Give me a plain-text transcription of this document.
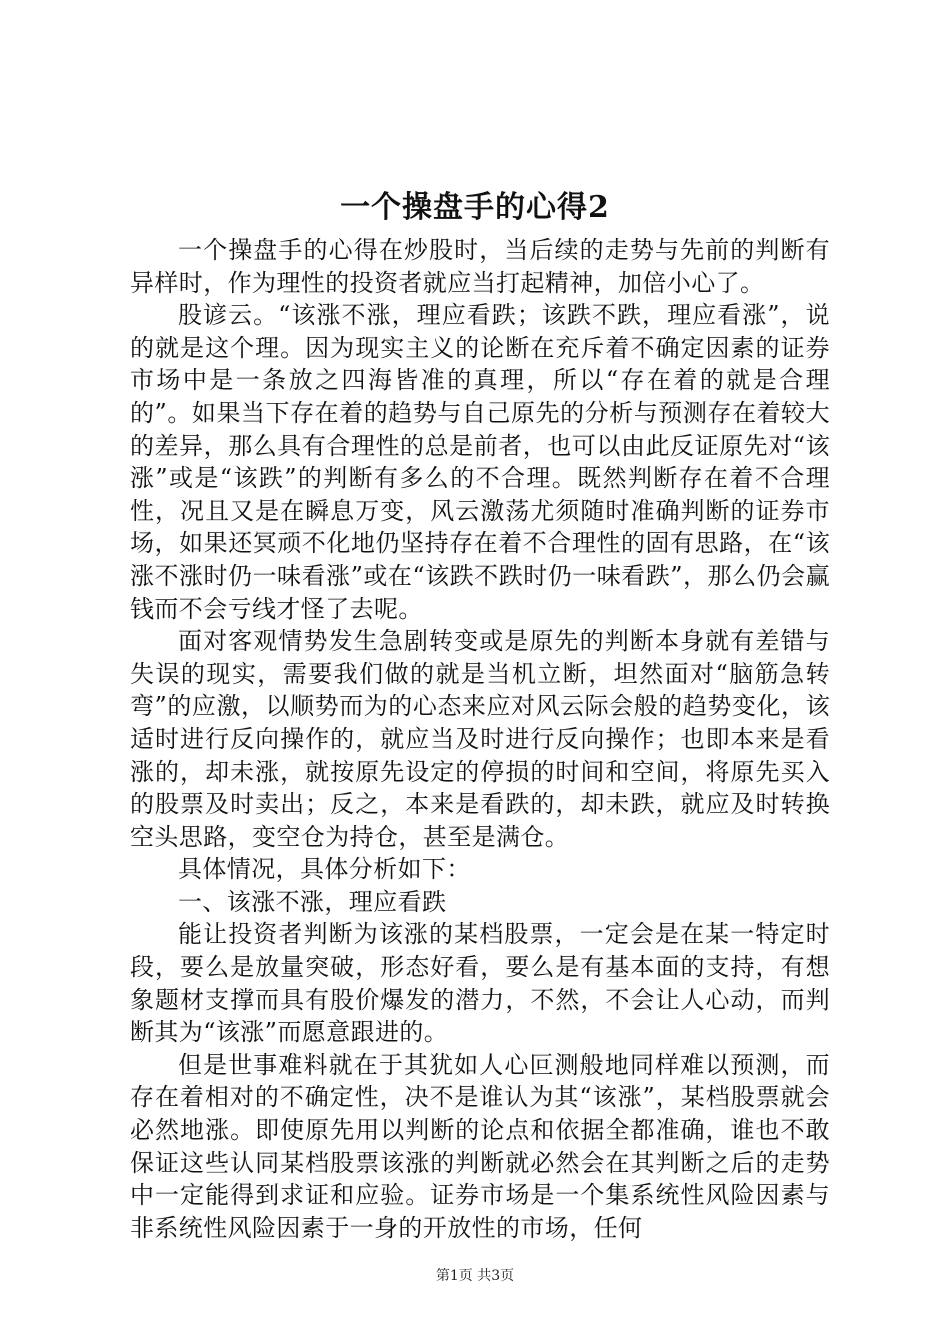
一个操盘手的心得2

一个操盘手的心得在炒股时，当后续的走势与先前的判断有异样时，作为理性的投资者就应当打起精神，加倍小心了。

股谚云。“该涨不涨，理应看跌；该跌不跌，理应看涨”，说的就是这个理。因为现实主义的论断在充斥着不确定因素的证券市场中是一条放之四海皆准的真理，所以“存在着的就是合理的”。如果当下存在着的趋势与自己原先的分析与预测存在着较大的差异，那么具有合理性的总是前者，也可以由此反证原先对“该涨”或是“该跌”的判断有多么的不合理。既然判断存在着不合理性，况且又是在瞬息万变，风云激荡尤须随时准确判断的证券市场，如果还冥顽不化地仍坚持存在着不合理性的固有思路，在“该涨不涨时仍一味看涨”或在“该跌不跌时仍一味看跌”，那么仍会赢钱而不会亏线才怪了去呢。

面对客观情势发生急剧转变或是原先的判断本身就有差错与失误的现实，需要我们做的就是当机立断，坦然面对“脑筋急转弯”的应激，以顺势而为的心态来应对风云际会般的趋势变化，该适时进行反向操作的，就应当及时进行反向操作；也即本来是看涨的，却未涨，就按原先设定的停损的时间和空间，将原先买入的股票及时卖出；反之，本来是看跌的，却未跌，就应及时转换空头思路，变空仓为持仓，甚至是满仓。

具体情况，具体分析如下：

一、该涨不涨，理应看跌

能让投资者判断为该涨的某档股票，一定会是在某一特定时段，要么是放量突破，形态好看，要么是有基本面的支持，有想象题材支撑而具有股价爆发的潜力，不然，不会让人心动，而判断其为“该涨”而愿意跟进的。

但是世事难料就在于其犹如人心叵测般地同样难以预测，而存在着相对的不确定性，决不是谁认为其“该涨”，某档股票就会必然地涨。即使原先用以判断的论点和依据全都准确，谁也不敢保证这些认同某档股票该涨的判断就必然会在其判断之后的走势中一定能得到求证和应验。证券市场是一个集系统性风险因素与非系统性风险因素于一身的开放性的市场，任何

第1页 共3页
